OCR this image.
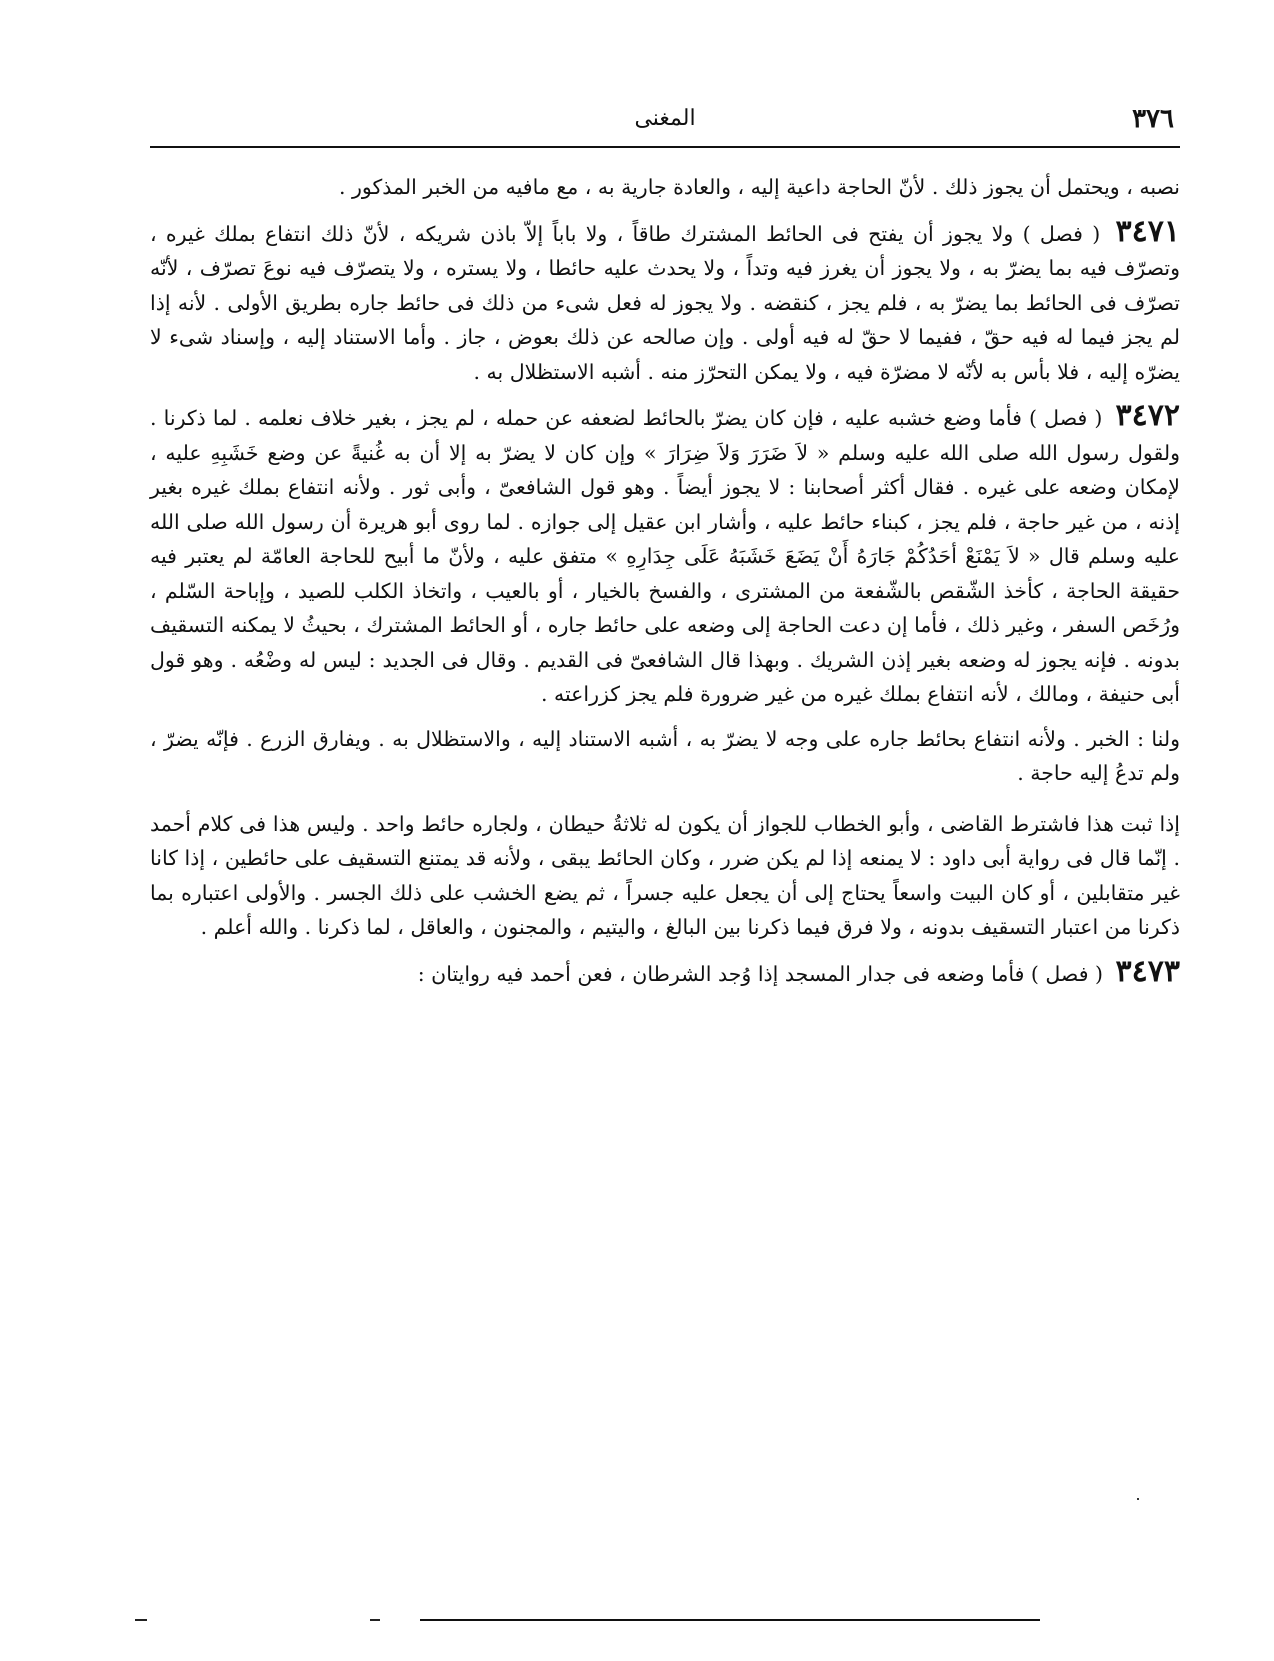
٣٧٦
المغنى

نصبه ، ويحتمل أن يجوز ذلك . لأنّ الحاجة داعية إليه ، والعادة جارية به ، مع مافيه من الخبر المذكور .

٣٤٧١ ( فصل ) ولا يجوز أن يفتح فى الحائط المشترك طاقاً ، ولا باباً إلاّ باذن شريكه ، لأنّ ذلك انتفاع بملك غيره ، وتصرّف فيه بما يضرّ به ، ولا يجوز أن يغرز فيه وتداً ، ولا يحدث عليه حائطا ، ولا يستره ، ولا يتصرّف فيه نوعَ تصرّف ، لأنّه تصرّف فى الحائط بما يضرّ به ، فلم يجز ، كنقضه . ولا يجوز له فعل شىء من ذلك فى حائط جاره بطريق الأولى . لأنه إذا لم يجز فيما له فيه حقّ ، ففيما لا حقّ له فيه أولى . وإن صالحه عن ذلك بعوض ، جاز . وأما الاستناد إليه ، وإسناد شىء لا يضرّه إليه ، فلا بأس به لأنّه لا مضرّة فيه ، ولا يمكن التحرّز منه . أشبه الاستظلال به .

٣٤٧٢ ( فصل ) فأما وضع خشبه عليه ، فإن كان يضرّ بالحائط لضعفه عن حمله ، لم يجز ، بغير خلاف نعلمه . لما ذكرنا . ولقول رسول الله صلى الله عليه وسلم « لاَ ضَرَرَ وَلاَ ضِرَارَ » وإن كان لا يضرّ به إلا أن به غُنيةً عن وضع خَشَبِهِ عليه ، لإمكان وضعه على غيره . فقال أكثر أصحابنا : لا يجوز أيضاً . وهو قول الشافعىّ ، وأبى ثور . ولأنه انتفاع بملك غيره بغير إذنه ، من غير حاجة ، فلم يجز ، كبناء حائط عليه ، وأشار ابن عقيل إلى جوازه . لما روى أبو هريرة أن رسول الله صلى الله عليه وسلم قال « لاَ يَمْنَعْ أحَدُكُمْ جَارَهُ أَنْ يَضَعَ خَشَبَهُ عَلَى جِدَارِهِ » متفق عليه ، ولأنّ ما أبيح للحاجة العامّة لم يعتبر فيه حقيقة الحاجة ، كأخذ الشّقص بالشّفعة من المشترى ، والفسخ بالخيار ، أو بالعيب ، واتخاذ الكلب للصيد ، وإباحة السّلم ، ورُخَص السفر ، وغير ذلك ، فأما إن دعت الحاجة إلى وضعه على حائط جاره ، أو الحائط المشترك ، بحيثُ لا يمكنه التسقيف بدونه . فإنه يجوز له وضعه بغير إذن الشريك . وبهذا قال الشافعىّ فى القديم . وقال فى الجديد : ليس له وضْعُه . وهو قول أبى حنيفة ، ومالك ، لأنه انتفاع بملك غيره من غير ضرورة فلم يجز كزراعته .

ولنا : الخبر . ولأنه انتفاع بحائط جاره على وجه لا يضرّ به ، أشبه الاستناد إليه ، والاستظلال به . ويفارق الزرع . فإنّه يضرّ ، ولم تدعُ إليه حاجة .

إذا ثبت هذا فاشترط القاضى ، وأبو الخطاب للجواز أن يكون له ثلاثةُ حيطان ، ولجاره حائط واحد . وليس هذا فى كلام أحمد . إنّما قال فى رواية أبى داود : لا يمنعه إذا لم يكن ضرر ، وكان الحائط يبقى ، ولأنه قد يمتنع التسقيف على حائطين ، إذا كانا غير متقابلين ، أو كان البيت واسعاً يحتاج إلى أن يجعل عليه جسراً ، ثم يضع الخشب على ذلك الجسر . والأولى اعتباره بما ذكرنا من اعتبار التسقيف بدونه ، ولا فرق فيما ذكرنا بين البالغ ، واليتيم ، والمجنون ، والعاقل ، لما ذكرنا . والله أعلم .

٣٤٧٣ ( فصل ) فأما وضعه فى جدار المسجد إذا وُجد الشرطان ، فعن أحمد فيه روايتان :
